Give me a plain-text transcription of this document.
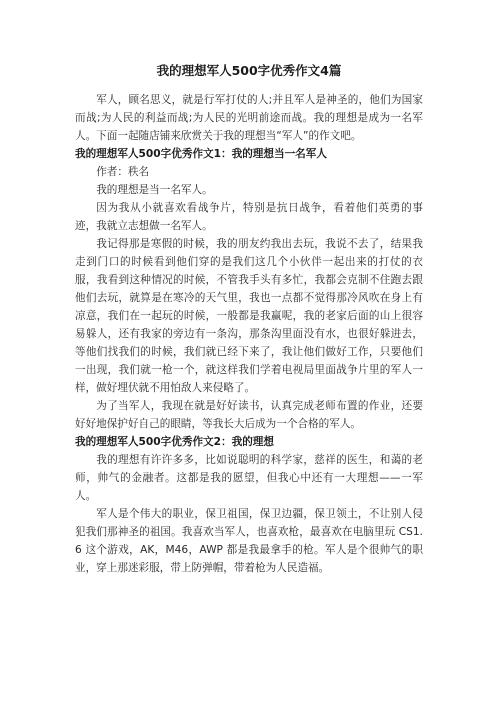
我的理想军人500字优秀作文4篇

军人，顾名思义，就是行军打仗的人;并且军人是神圣的，他们为国家而战;为人民的利益而战;为人民的光明前途而战。我的理想是成为一名军人。下面一起随店铺来欣赏关于我的理想当“军人”的作文吧。

我的理想军人500字优秀作文1：我的理想当一名军人

作者：秩名

我的理想是当一名军人。

因为我从小就喜欢看战争片，特别是抗日战争，看着他们英勇的事迹，我就立志想做一名军人。

我记得那是寒假的时候，我的朋友约我出去玩，我说不去了，结果我走到门口的时候看到他们穿的是我们这几个小伙伴一起出来的打仗的衣服，我看到这种情况的时候，不管我手头有多忙，我都会克制不住跑去跟他们去玩，就算是在寒冷的天气里，我也一点都不觉得那冷风吹在身上有凉意，我们在一起玩的时候，一般都是我赢呢，我的老家后面的山上很容易躲人，还有我家的旁边有一条沟，那条沟里面没有水，也很好躲进去，等他们找我们的时候，我们就已经下来了，我让他们做好工作，只要他们一出现，我们就一枪一个，就这样我们学着电视局里面战争片里的军人一样，做好埋伏就不用怕敌人来侵略了。

为了当军人，我现在就是好好读书，认真完成老师布置的作业，还要好好地保护好自己的眼睛，等我长大后成为一个合格的军人。

我的理想军人500字优秀作文2：我的理想

我的理想有许许多多，比如说聪明的科学家，慈祥的医生，和蔼的老师，帅气的金融者。这都是我的愿望，但我心中还有一大理想——一军人。

军人是个伟大的职业，保卫祖国，保卫边疆，保卫领土，不让别人侵犯我们那神圣的祖国。我喜欢当军人，也喜欢枪，最喜欢在电脑里玩 CS1.6 这个游戏，AK，M46，AWP 都是我最拿手的枪。军人是个很帅气的职业，穿上那迷彩服，带上防弹帽，带着枪为人民造福。
